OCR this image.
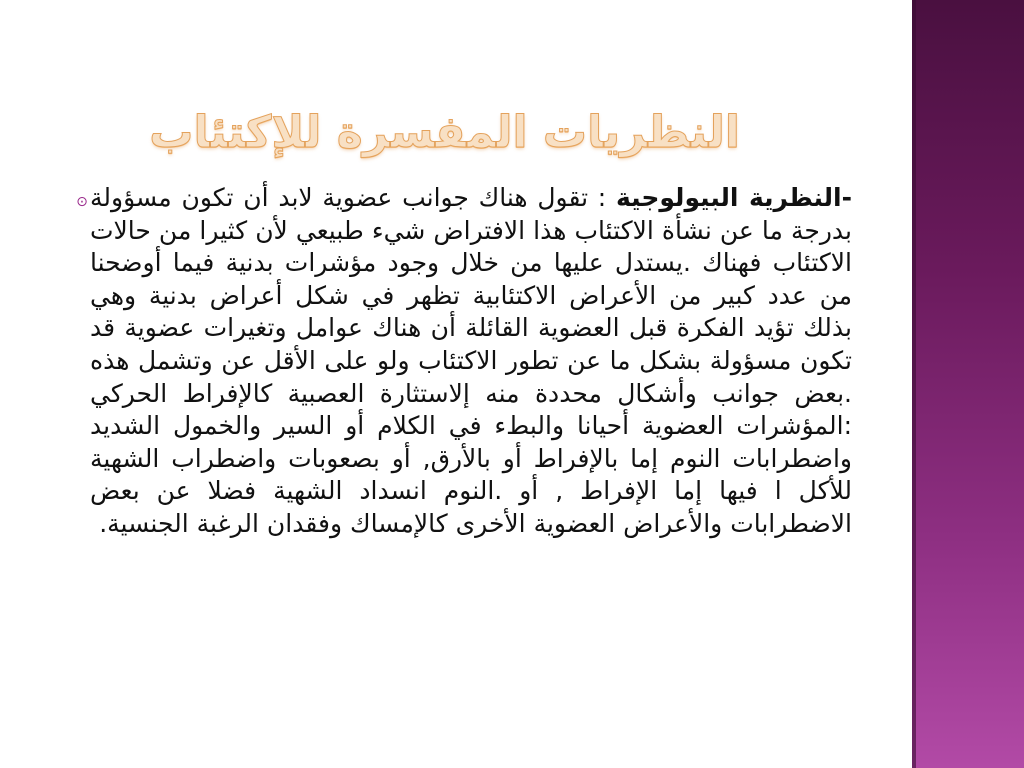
النظريات المفسرة للإكتئاب
⊙	-النظرية البيولوجية : تقول هناك جوانب عضوية لابد أن تكون مسؤولة بدرجة ما عن نشأة الاكتئاب هذا الافتراض شيء طبيعي لأن كثيرا من حالات الاكتئاب فهناك .يستدل عليها من خلال وجود مؤشرات بدنية فيما أوضحنا من عدد كبير من الأعراض الاكتئابية تظهر في شكل أعراض بدنية وهي بذلك تؤيد الفكرة قبل العضوية القائلة أن هناك عوامل وتغيرات عضوية قد تكون مسؤولة بشكل ما عن تطور الاكتئاب ولو على الأقل عن وتشمل هذه .بعض جوانب وأشكال محددة منه إلاستثارة العصبية كالإفراط الحركي :المؤشرات العضوية أحيانا والبطء في الكلام أو السير والخمول الشديد واضطرابات النوم إما بالإفراط أو بالأرق, أو بصعوبات واضطراب الشهية للأكل ا فيها إما الإفراط , أو .النوم انسداد الشهية فضلا عن بعض الاضطرابات والأعراض العضوية الأخرى كالإمساك وفقدان الرغبة الجنسية.
